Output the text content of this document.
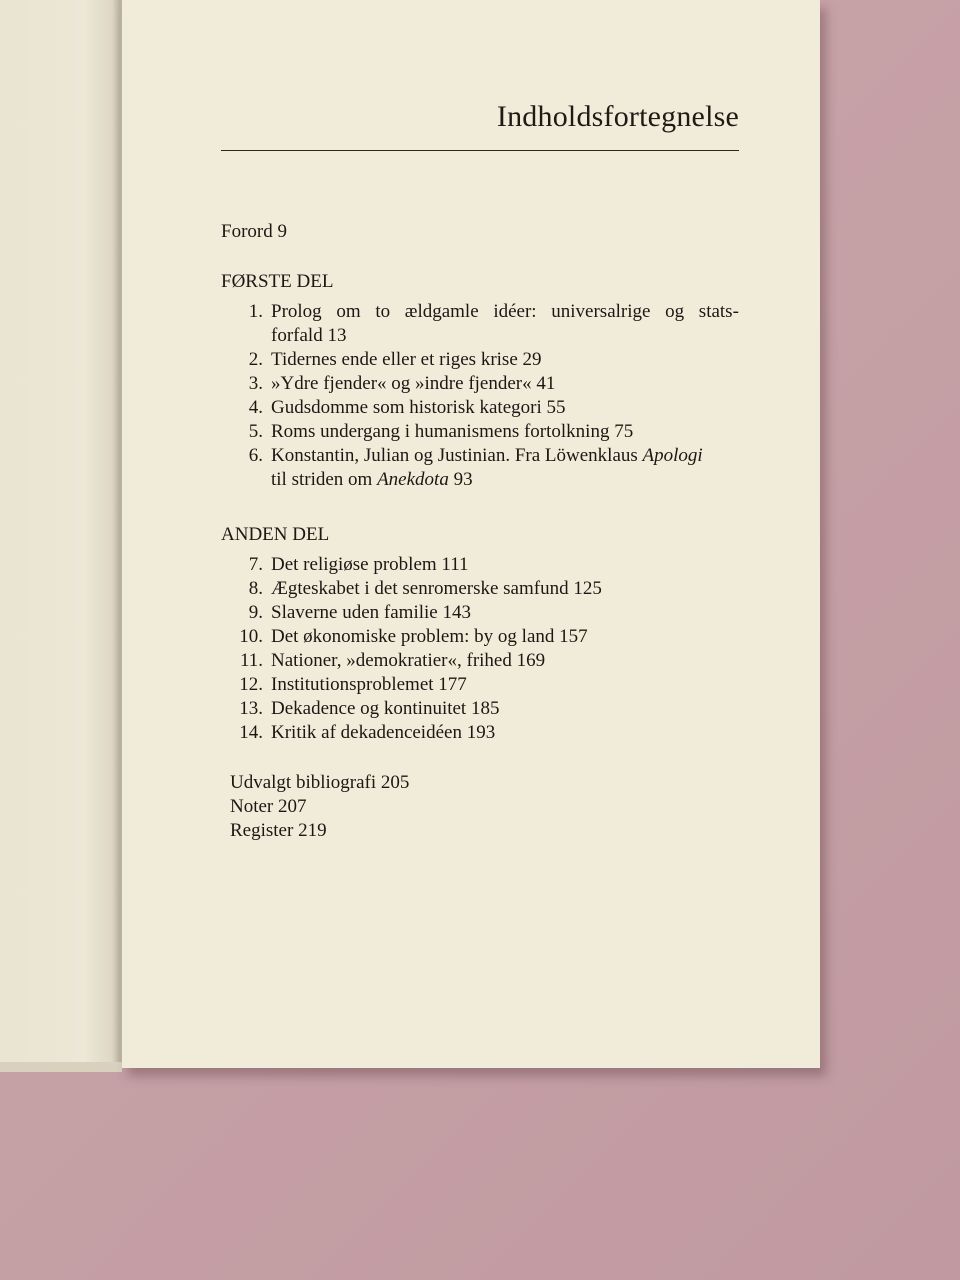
Indholdsfortegnelse
Forord 9
FØRSTE DEL
1. Prolog om to ældgamle idéer: universalrige og stats-
forfald 13
2. Tidernes ende eller et riges krise 29
3. »Ydre fjender« og »indre fjender« 41
4. Gudsdomme som historisk kategori 55
5. Roms undergang i humanismens fortolkning 75
6. Konstantin, Julian og Justinian. Fra Löwenklaus Apologi
til striden om Anekdota 93
ANDEN DEL
7. Det religiøse problem 111
8. Ægteskabet i det senromerske samfund 125
9. Slaverne uden familie 143
10. Det økonomiske problem: by og land 157
11. Nationer, »demokratier«, frihed 169
12. Institutionsproblemet 177
13. Dekadence og kontinuitet 185
14. Kritik af dekadenceidéen 193
Udvalgt bibliografi 205
Noter 207
Register 219
